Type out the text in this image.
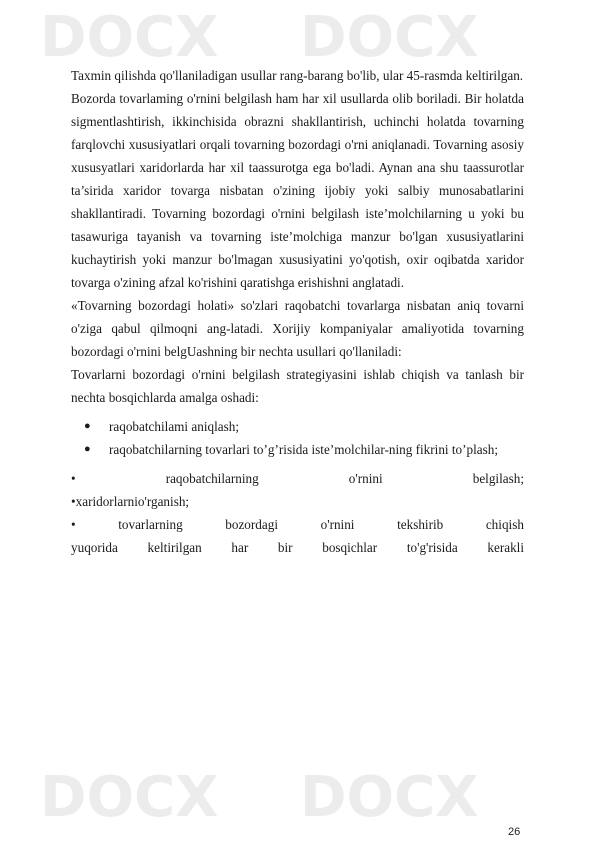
DOCX DOCX
DOCX DOCX

Taxmin qilishda qo'llaniladigan usullar rang-barang bo'lib, ular 45-rasmda keltirilgan.

Bozorda tovarlaming o'rnini belgilash ham har xil usullarda olib boriladi. Bir holatda sigmentlashtirish, ikkinchisida obrazni shakllantirish, uchinchi holatda tovarning farqlovchi xususiyatlari orqali tovarning bozordagi o'rni aniqlanadi. Tovarning asosiy xususyatlari xaridorlarda har xil taassurotga ega bo'ladi. Aynan ana shu taassurotlar ta’sirida xaridor tovarga nisbatan o'zining ijobiy yoki salbiy munosabatlarini shakllantiradi. Tovarning bozordagi o'rnini belgilash iste’molchilarning u yoki bu tasawuriga tayanish va tovarning iste’molchiga manzur bo'lgan xususiyatlarini kuchaytirish yoki manzur bo'lmagan xususiyatini yo'qotish, oxir oqibatda xaridor tovarga o'zining afzal ko'rishini qaratishga erishishni anglatadi.

«Tovarning bozordagi holati» so'zlari raqobatchi tovarlarga nisbatan aniq tovarni o'ziga qabul qilmoqni ang-latadi. Xorijiy kompaniyalar amaliyotida tovarning bozordagi o'rnini belgUashning bir nechta usullari qo'llaniladi:

Tovarlarni bozordagi o'rnini belgilash strategiyasini ishlab chiqish va tanlash bir nechta bosqichlarda amalga oshadi:

● raqobatchilami aniqlash;
● raqobatchilarning tovarlari to’g’risida iste’molchilar-ning fikrini to’plash;
•	raqobatchilarning	o'rnini	belgilash;
•xaridorlarnio'rganish;
•	tovarlarning	bozordagi	o'rnini	tekshirib	chiqish
yuqorida keltirilgan har bir bosqichlar to'g'risida kerakli
26
